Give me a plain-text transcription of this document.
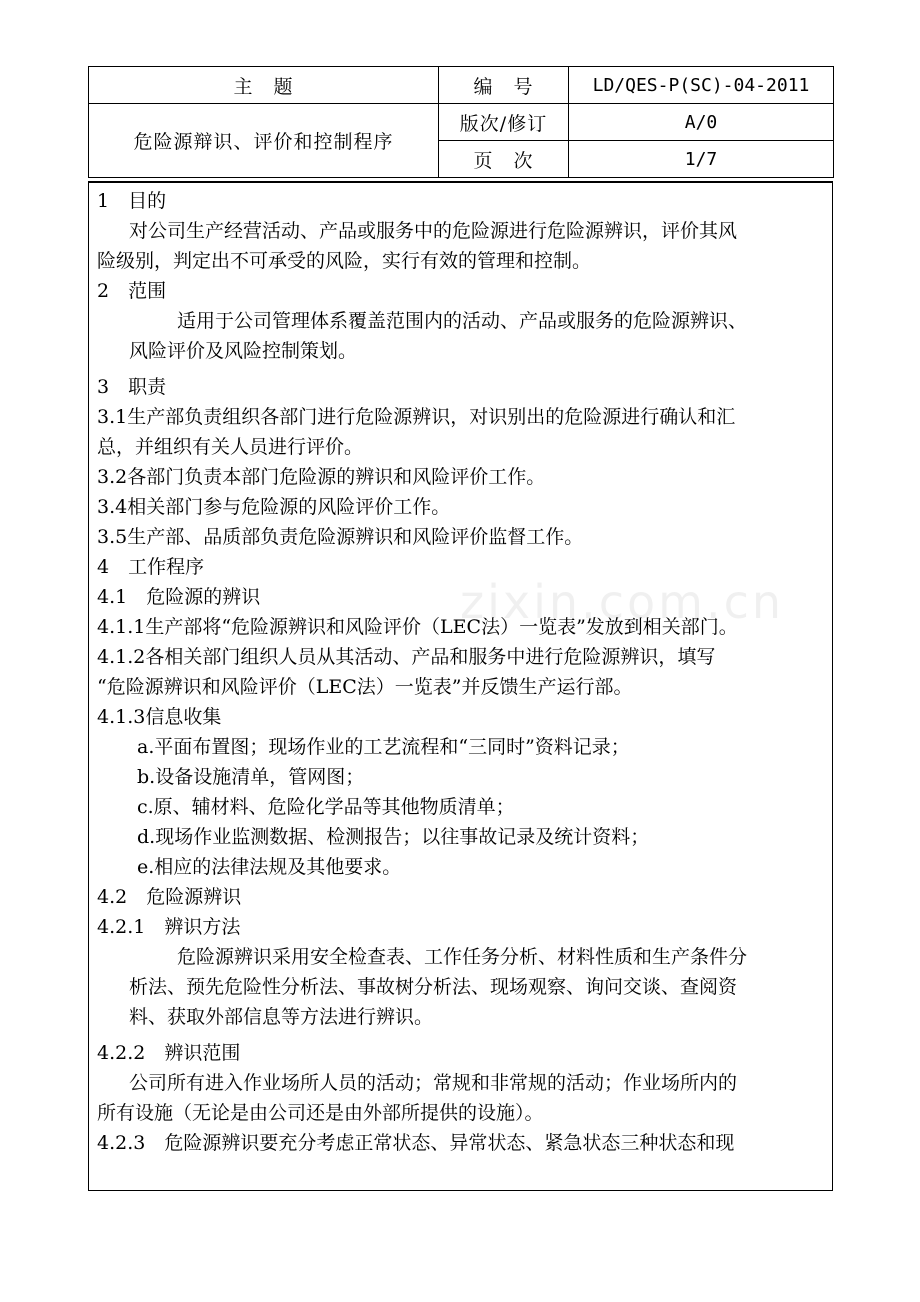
主　题	编　号	LD/QES-P(SC)-04-2011
危险源辩识、评价和控制程序	版次/修订	A/0
	页　次	1/7
1　目的
对公司生产经营活动、产品或服务中的危险源进行危险源辨识，评价其风
险级别，判定出不可承受的风险，实行有效的管理和控制。
2　范围
适用于公司管理体系覆盖范围内的活动、产品或服务的危险源辨识、
风险评价及风险控制策划。
3　职责
3.1生产部负责组织各部门进行危险源辨识，对识别出的危险源进行确认和汇
总，并组织有关人员进行评价。
3.2各部门负责本部门危险源的辨识和风险评价工作。
3.4相关部门参与危险源的风险评价工作。
3.5生产部、品质部负责危险源辨识和风险评价监督工作。
4　工作程序
4.1　危险源的辨识
4.1.1生产部将“危险源辨识和风险评价（LEC法）一览表”发放到相关部门。
4.1.2各相关部门组织人员从其活动、产品和服务中进行危险源辨识，填写
“危险源辨识和风险评价（LEC法）一览表”并反馈生产运行部。
4.1.3信息收集
a.平面布置图；现场作业的工艺流程和“三同时”资料记录；
b.设备设施清单，管网图；
c.原、辅材料、危险化学品等其他物质清单；
d.现场作业监测数据、检测报告；以往事故记录及统计资料；
e.相应的法律法规及其他要求。
4.2　危险源辨识
4.2.1　辨识方法
危险源辨识采用安全检查表、工作任务分析、材料性质和生产条件分
析法、预先危险性分析法、事故树分析法、现场观察、询问交谈、查阅资
料、获取外部信息等方法进行辨识。
4.2.2　辨识范围
公司所有进入作业场所人员的活动；常规和非常规的活动；作业场所内的
所有设施（无论是由公司还是由外部所提供的设施）。
4.2.3　危险源辨识要充分考虑正常状态、异常状态、紧急状态三种状态和现
zixin.com.cn
